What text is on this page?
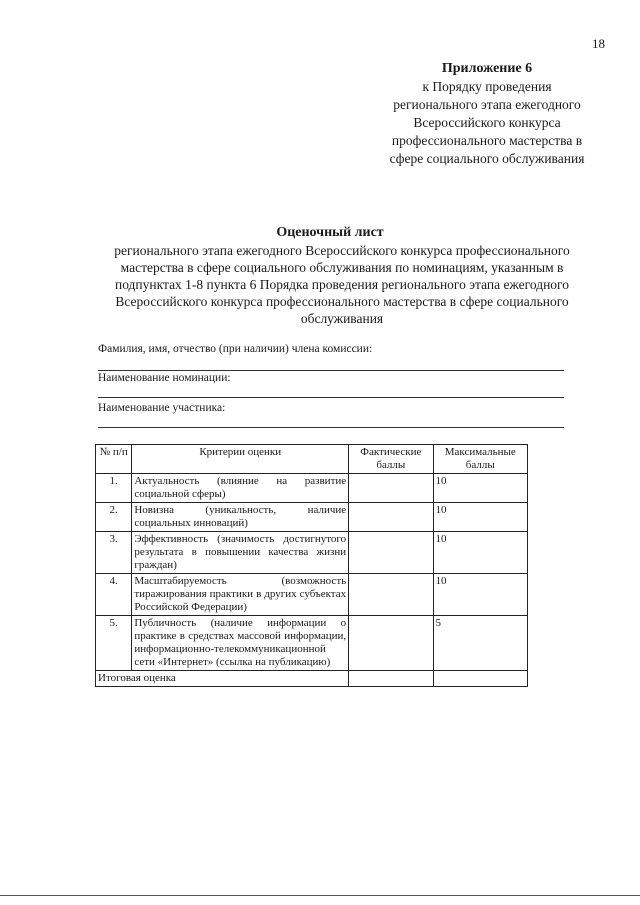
18
Приложение 6
к Порядку проведения
регионального этапа ежегодного
Всероссийского конкурса
профессионального мастерства в
сфере социального обслуживания
Оценочный лист
регионального этапа ежегодного Всероссийского конкурса профессионального мастерства в сфере социального обслуживания по номинациям, указанным в подпунктах 1-8 пункта 6 Порядка проведения регионального этапа ежегодного Всероссийского конкурса профессионального мастерства в сфере социального обслуживания
Фамилия, имя, отчество (при наличии) члена комиссии:
Наименование номинации:
Наименование участника:
№ п/п	Критерии оценки	Фактические баллы	Максимальные баллы
1.	Актуальность (влияние на развитие социальной сферы)		10
2.	Новизна (уникальность, наличие социальных инноваций)		10
3.	Эффективность (значимость достигнутого результата в повышении качества жизни граждан)		10
4.	Масштабируемость (возможность тиражирования практики в других субъектах Российской Федерации)		10
5.	Публичность (наличие информации о практике в средствах массовой информации, информационно-телекоммуникационной сети «Интернет» (ссылка на публикацию)		5
Итоговая оценка			
